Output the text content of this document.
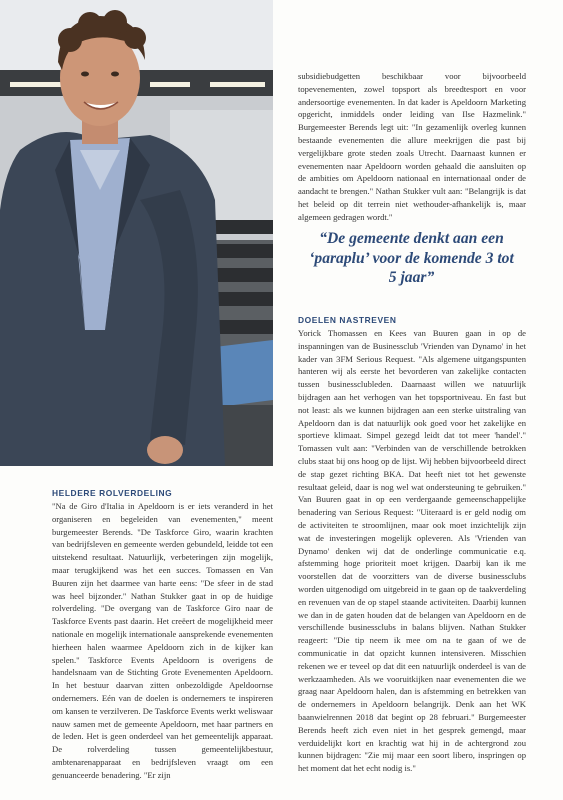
HELDERE ROLVERDELING

"Na de Giro d'Italia in Apeldoorn is er iets veranderd in het organiseren en begeleiden van evenementen," meent burgemeester Berends. "De Taskforce Giro, waarin krachten van bedrijfsleven en gemeente werden gebundeld, leidde tot een uitstekend resultaat. Natuurlijk, verbeteringen zijn mogelijk, maar terugkijkend was het een succes. Tomassen en Van Buuren zijn het daarmee van harte eens: "De sfeer in de stad was heel bijzonder." Nathan Stukker gaat in op de huidige rolverdeling. "De overgang van de Taskforce Giro naar de Taskforce Events past daarin. Het creëert de mogelijkheid meer nationale en mogelijk internationale aansprekende evenementen hierheen halen waarmee Apeldoorn zich in de kijker kan spelen." Taskforce Events Apeldoorn is overigens de handelsnaam van de Stichting Grote Evenementen Apeldoorn. In het bestuur daarvan zitten onbezoldigde Apeldoornse ondernemers. Eén van de doelen is ondernemers te inspireren om kansen te verzilveren. De Taskforce Events werkt weliswaar nauw samen met de gemeente Apeldoorn, met haar partners en de leden. Het is geen onderdeel van het gemeentelijk apparaat. De rolverdeling tussen gemeentelijkbestuur, ambtenarenapparaat en bedrijfsleven vraagt om een genuanceerde benadering. "Er zijn

subsidiebudgetten beschikbaar voor bijvoorbeeld topevenementen, zowel topsport als breedtesport en voor andersoortige evenementen. In dat kader is Apeldoorn Marketing opgericht, inmiddels onder leiding van Ilse Hazmelink." Burgemeester Berends legt uit: "In gezamenlijk overleg kunnen bestaande evenementen die allure meekrijgen die past bij vergelijkbare grote steden zoals Utrecht. Daarnaast kunnen er evenementen naar Apeldoorn worden gehaald die aansluiten op de ambities om Apeldoorn nationaal en internationaal onder de aandacht te brengen." Nathan Stukker vult aan: "Belangrijk is dat het beleid op dit terrein niet wethouder-afhankelijk is, maar algemeen gedragen wordt."

“De gemeente denkt aan een ‘paraplu’ voor de komende 3 tot 5 jaar”
DOELEN NASTREVEN

Yorick Thomassen en Kees van Buuren gaan in op de inspanningen van de Businessclub 'Vrienden van Dynamo' in het kader van 3FM Serious Request. "Als algemene uitgangspunten hanteren wij als eerste het bevorderen van zakelijke contacten tussen businessclubleden. Daarnaast willen we natuurlijk bijdragen aan het verhogen van het topsportniveau. En fast but not least: als we kunnen bijdragen aan een sterke uitstraling van Apeldoorn dan is dat natuurlijk ook goed voor het zakelijke en sportieve klimaat. Simpel gezegd leidt dat tot meer 'handel'." Tomassen vult aan: "Verbinden van de verschillende betrokken clubs staat bij ons hoog op de lijst. Wij hebben bijvoorbeeld direct de stap gezet richting BKA. Dat heeft niet tot het gewenste resultaat geleid, daar is nog wel wat ondersteuning te gebruiken." Van Buuren gaat in op een verdergaande gemeenschappelijke benadering van Serious Request: "Uiteraard is er geld nodig om de activiteiten te stroomlijnen, maar ook moet inzichtelijk zijn wat de investeringen mogelijk opleveren. Als 'Vrienden van Dynamo' denken wij dat de onderlinge communicatie e.q. afstemming hoge prioriteit moet krijgen. Daarbij kan ik me voorstellen dat de voorzitters van de diverse businessclubs worden uitgenodigd om uitgebreid in te gaan op de taakverdeling en revenuen van de op stapel staande activiteiten. Daarbij kunnen we dan in de gaten houden dat de belangen van Apeldoorn en de verschillende businessclubs in balans blijven. Nathan Stukker reageert: "Die tip neem ik mee om na te gaan of we de communicatie in dat opzicht kunnen intensiveren. Misschien rekenen we er teveel op dat dit een natuurlijk onderdeel is van de werkzaamheden. Als we vooruitkijken naar evenementen die we graag naar Apeldoorn halen, dan is afstemming en betrekken van de ondernemers in Apeldoorn belangrijk. Denk aan het WK baanwielrennen 2018 dat begint op 28 februari." Burgemeester Berends heeft zich even niet in het gesprek gemengd, maar verduidelijkt kort en krachtig wat hij in de achtergrond zou kunnen bijdragen: "Zie mij maar een soort libero, inspringen op het moment dat het echt nodig is."
